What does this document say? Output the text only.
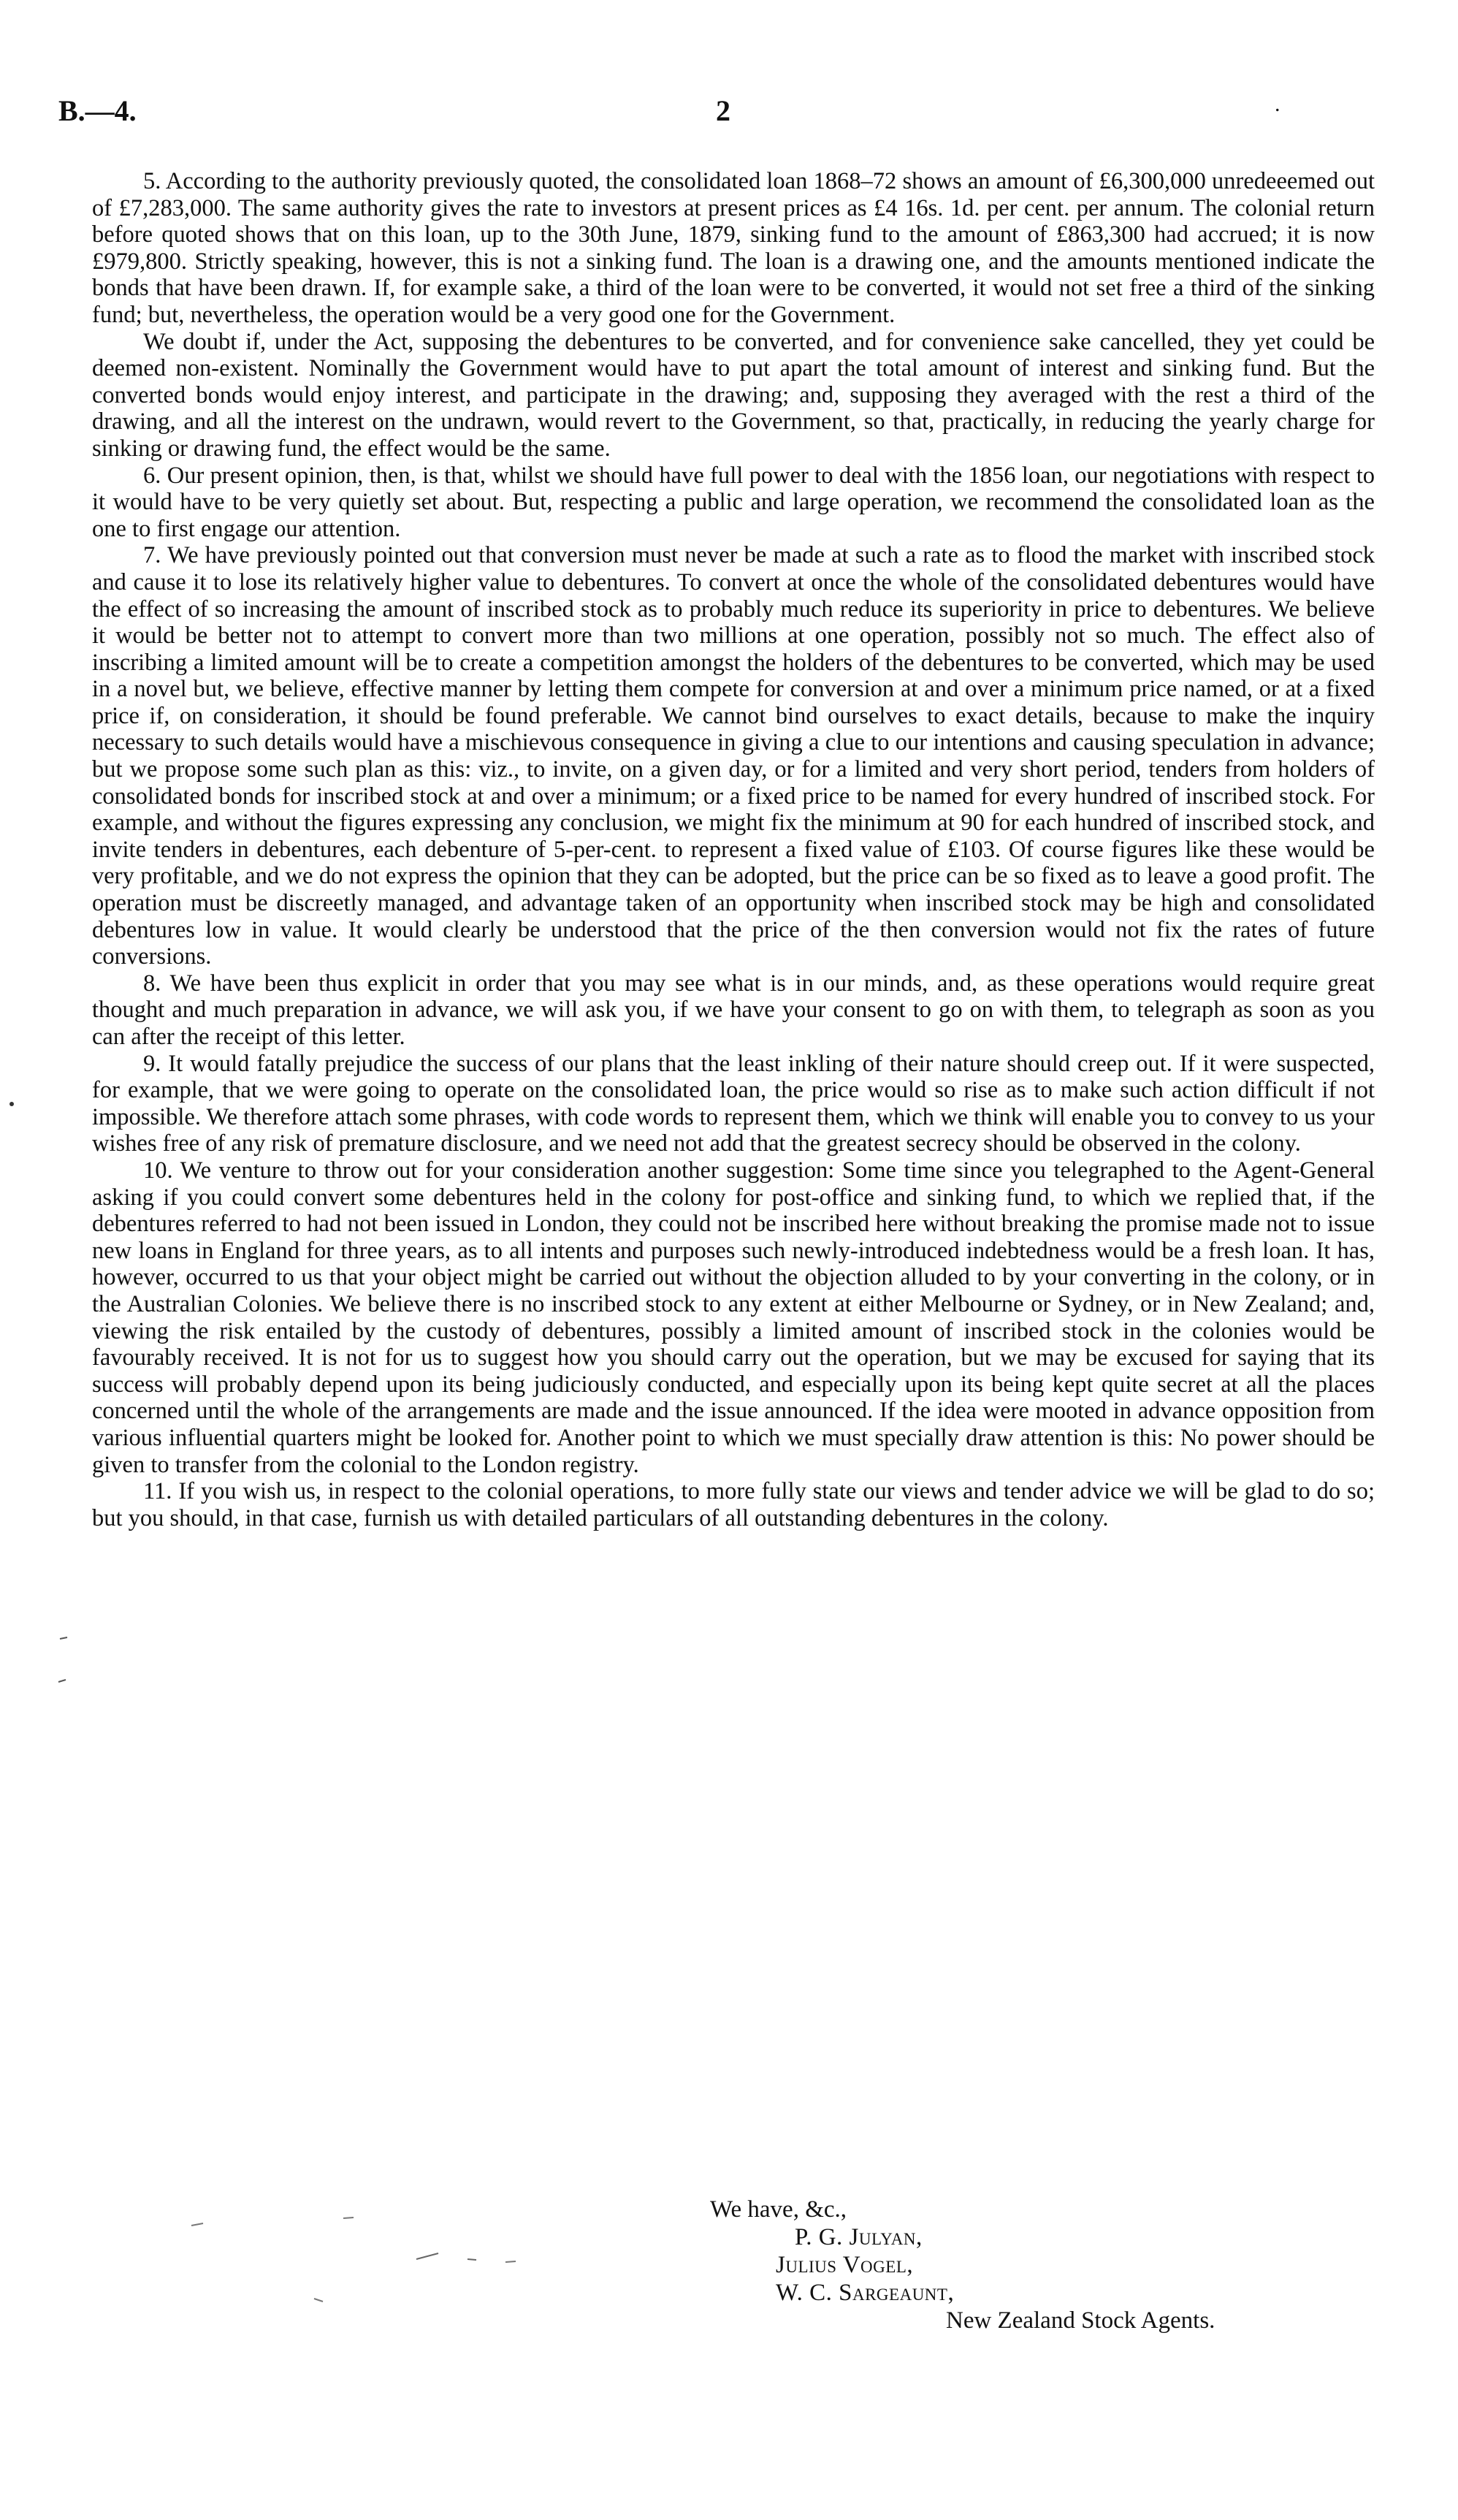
B.—4.	2	.

5. According to the authority previously quoted, the consolidated loan 1868–72 shows an amount of £6,300,000 unredeeemed out of £7,283,000. The same authority gives the rate to investors at present prices as £4 16s. 1d. per cent. per annum. The colonial return before quoted shows that on this loan, up to the 30th June, 1879, sinking fund to the amount of £863,300 had accrued; it is now £979,800. Strictly speaking, however, this is not a sinking fund. The loan is a drawing one, and the amounts mentioned indicate the bonds that have been drawn. If, for example sake, a third of the loan were to be converted, it would not set free a third of the sinking fund; but, nevertheless, the operation would be a very good one for the Government.

We doubt if, under the Act, supposing the debentures to be converted, and for convenience sake cancelled, they yet could be deemed non-existent. Nominally the Government would have to put apart the total amount of interest and sinking fund. But the converted bonds would enjoy interest, and participate in the drawing; and, supposing they averaged with the rest a third of the drawing, and all the interest on the undrawn, would revert to the Government, so that, practically, in reducing the yearly charge for sinking or drawing fund, the effect would be the same.

6. Our present opinion, then, is that, whilst we should have full power to deal with the 1856 loan, our negotiations with respect to it would have to be very quietly set about. But, respecting a public and large operation, we recommend the consolidated loan as the one to first engage our attention.

7. We have previously pointed out that conversion must never be made at such a rate as to flood the market with inscribed stock and cause it to lose its relatively higher value to debentures. To convert at once the whole of the consolidated debentures would have the effect of so increasing the amount of inscribed stock as to probably much reduce its superiority in price to debentures. We believe it would be better not to attempt to convert more than two millions at one operation, possibly not so much. The effect also of inscribing a limited amount will be to create a competition amongst the holders of the debentures to be converted, which may be used in a novel but, we believe, effective manner by letting them compete for conversion at and over a minimum price named, or at a fixed price if, on consideration, it should be found preferable. We cannot bind ourselves to exact details, because to make the inquiry necessary to such details would have a mischievous consequence in giving a clue to our intentions and causing speculation in advance; but we propose some such plan as this: viz., to invite, on a given day, or for a limited and very short period, tenders from holders of consolidated bonds for inscribed stock at and over a minimum; or a fixed price to be named for every hundred of inscribed stock. For example, and without the figures expressing any conclusion, we might fix the minimum at 90 for each hundred of inscribed stock, and invite tenders in debentures, each debenture of 5-per-cent. to represent a fixed value of £103. Of course figures like these would be very profitable, and we do not express the opinion that they can be adopted, but the price can be so fixed as to leave a good profit. The operation must be discreetly managed, and advantage taken of an opportunity when inscribed stock may be high and consolidated debentures low in value. It would clearly be understood that the price of the then conversion would not fix the rates of future conversions.

8. We have been thus explicit in order that you may see what is in our minds, and, as these operations would require great thought and much preparation in advance, we will ask you, if we have your consent to go on with them, to telegraph as soon as you can after the receipt of this letter.

9. It would fatally prejudice the success of our plans that the least inkling of their nature should creep out. If it were suspected, for example, that we were going to operate on the consolidated loan, the price would so rise as to make such action difficult if not impossible. We therefore attach some phrases, with code words to represent them, which we think will enable you to convey to us your wishes free of any risk of premature disclosure, and we need not add that the greatest secrecy should be observed in the colony.

10. We venture to throw out for your consideration another suggestion: Some time since you telegraphed to the Agent-General asking if you could convert some debentures held in the colony for post-office and sinking fund, to which we replied that, if the debentures referred to had not been issued in London, they could not be inscribed here without breaking the promise made not to issue new loans in England for three years, as to all intents and purposes such newly-introduced indebtedness would be a fresh loan. It has, however, occurred to us that your object might be carried out without the objection alluded to by your converting in the colony, or in the Australian Colonies. We believe there is no inscribed stock to any extent at either Melbourne or Sydney, or in New Zealand; and, viewing the risk entailed by the custody of debentures, possibly a limited amount of inscribed stock in the colonies would be favourably received. It is not for us to suggest how you should carry out the operation, but we may be excused for saying that its success will probably depend upon its being judiciously conducted, and especially upon its being kept quite secret at all the places concerned until the whole of the arrangements are made and the issue announced. If the idea were mooted in advance opposition from various influential quarters might be looked for. Another point to which we must specially draw attention is this: No power should be given to transfer from the colonial to the London registry.

11. If you wish us, in respect to the colonial operations, to more fully state our views and tender advice we will be glad to do so; but you should, in that case, furnish us with detailed particulars of all outstanding debentures in the colony.

We have, &c.,
P. G. Julyan,
Julius Vogel,
W. C. Sargeaunt,
New Zealand Stock Agents.
